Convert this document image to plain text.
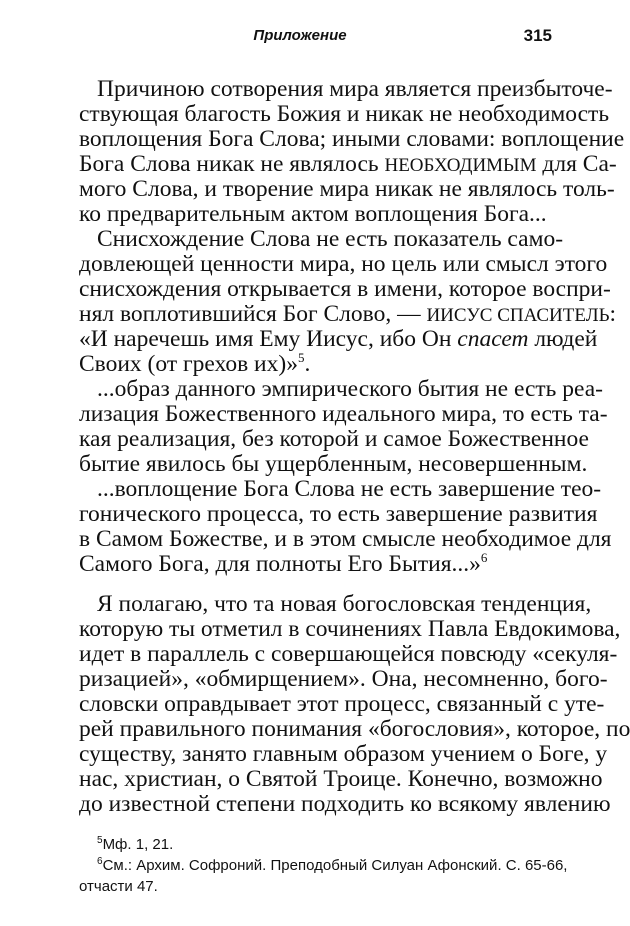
Приложение	315
Причиною сотворения мира является преизбыточе-
ствующая благость Божия и никак не необходимость
воплощения Бога Слова; иными словами: воплощение
Бога Слова никак не являлось НЕОБХОДИМЫМ для Са-
мого Слова, и творение мира никак не являлось толь-
ко предварительным актом воплощения Бога...
Снисхождение Слова не есть показатель само-
довлеющей ценности мира, но цель или смысл этого
снисхождения открывается в имени, которое воспри-
нял воплотившийся Бог Слово, — ИИСУС СПАСИТЕЛЬ:
«И наречешь имя Ему Иисус, ибо Он спасет людей
Своих (от грехов их)»$^5$.
...образ данного эмпирического бытия не есть реа-
лизация Божественного идеального мира, то есть та-
кая реализация, без которой и самое Божественное
бытие явилось бы ущербленным, несовершенным.
...воплощение Бога Слова не есть завершение тео-
гонического процесса, то есть завершение развития
в Самом Божестве, и в этом смысле необходимое для
Самого Бога, для полноты Его Бытия...»$^6$
Я полагаю, что та новая богословская тенденция,
которую ты отметил в сочинениях Павла Евдокимова,
идет в параллель с совершающейся повсюду «секуля-
ризацией», «обмирщением». Она, несомненно, бого-
словски оправдывает этот процесс, связанный с утe-
рей правильного понимания «богословия», которое, по
существу, занято главным образом учением о Боге, у
нас, христиан, о Святой Троице. Конечно, возможно
до известной степени подходить ко всякому явлению
$^5$Мф. 1, 21.
$^6$См.: Архим. Софроний. Преподобный Силуан Афонский. С. 65-66,
отчасти 47.
